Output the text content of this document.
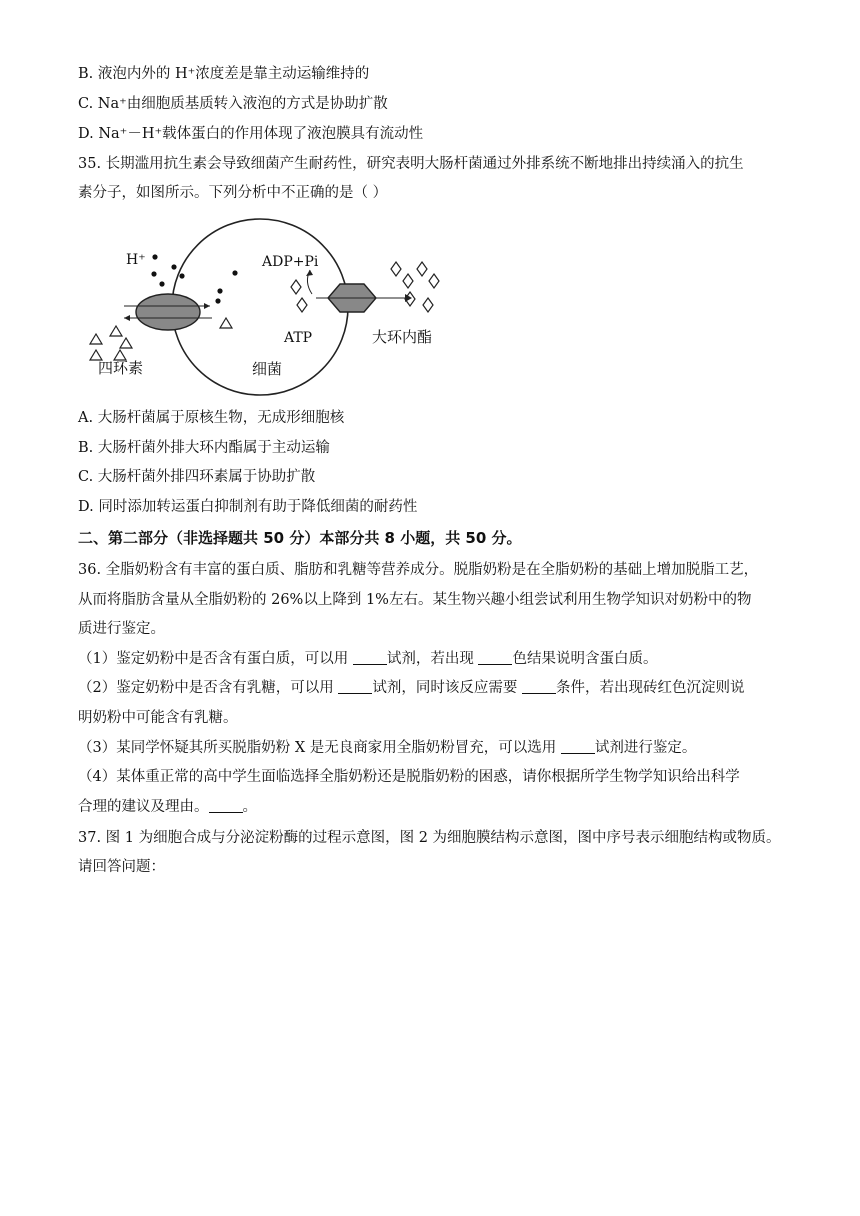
B. 液泡内外的 H⁺浓度差是靠主动运输维持的
C. Na⁺由细胞质基质转入液泡的方式是协助扩散
D. Na⁺－H⁺载体蛋白的作用体现了液泡膜具有流动性
35. 长期滥用抗生素会导致细菌产生耐药性，研究表明大肠杆菌通过外排系统不断地排出持续涌入的抗生
素分子，如图所示。下列分析中不正确的是（ ）
H⁺
四环素
ADP+Pi
ATP	大环内酯
细菌
A. 大肠杆菌属于原核生物，无成形细胞核
B. 大肠杆菌外排大环内酯属于主动运输
C. 大肠杆菌外排四环素属于协助扩散
D. 同时添加转运蛋白抑制剂有助于降低细菌的耐药性
二、第二部分（非选择题共 50 分）本部分共 8 小题，共 50 分。
36. 全脂奶粉含有丰富的蛋白质、脂肪和乳糖等营养成分。脱脂奶粉是在全脂奶粉的基础上增加脱脂工艺，
从而将脂肪含量从全脂奶粉的 26%以上降到 1%左右。某生物兴趣小组尝试利用生物学知识对奶粉中的物
质进行鉴定。
（1）鉴定奶粉中是否含有蛋白质，可以用 试剂，若出现 色结果说明含蛋白质。
（2）鉴定奶粉中是否含有乳糖，可以用 试剂，同时该反应需要 条件，若出现砖红色沉淀则说
明奶粉中可能含有乳糖。
（3）某同学怀疑其所买脱脂奶粉 X 是无良商家用全脂奶粉冒充，可以选用 试剂进行鉴定。
（4）某体重正常的高中学生面临选择全脂奶粉还是脱脂奶粉的困惑，请你根据所学生物学知识给出科学
合理的建议及理由。 。
37. 图 1 为细胞合成与分泌淀粉酶的过程示意图，图 2 为细胞膜结构示意图，图中序号表示细胞结构或物质。
请回答问题：
